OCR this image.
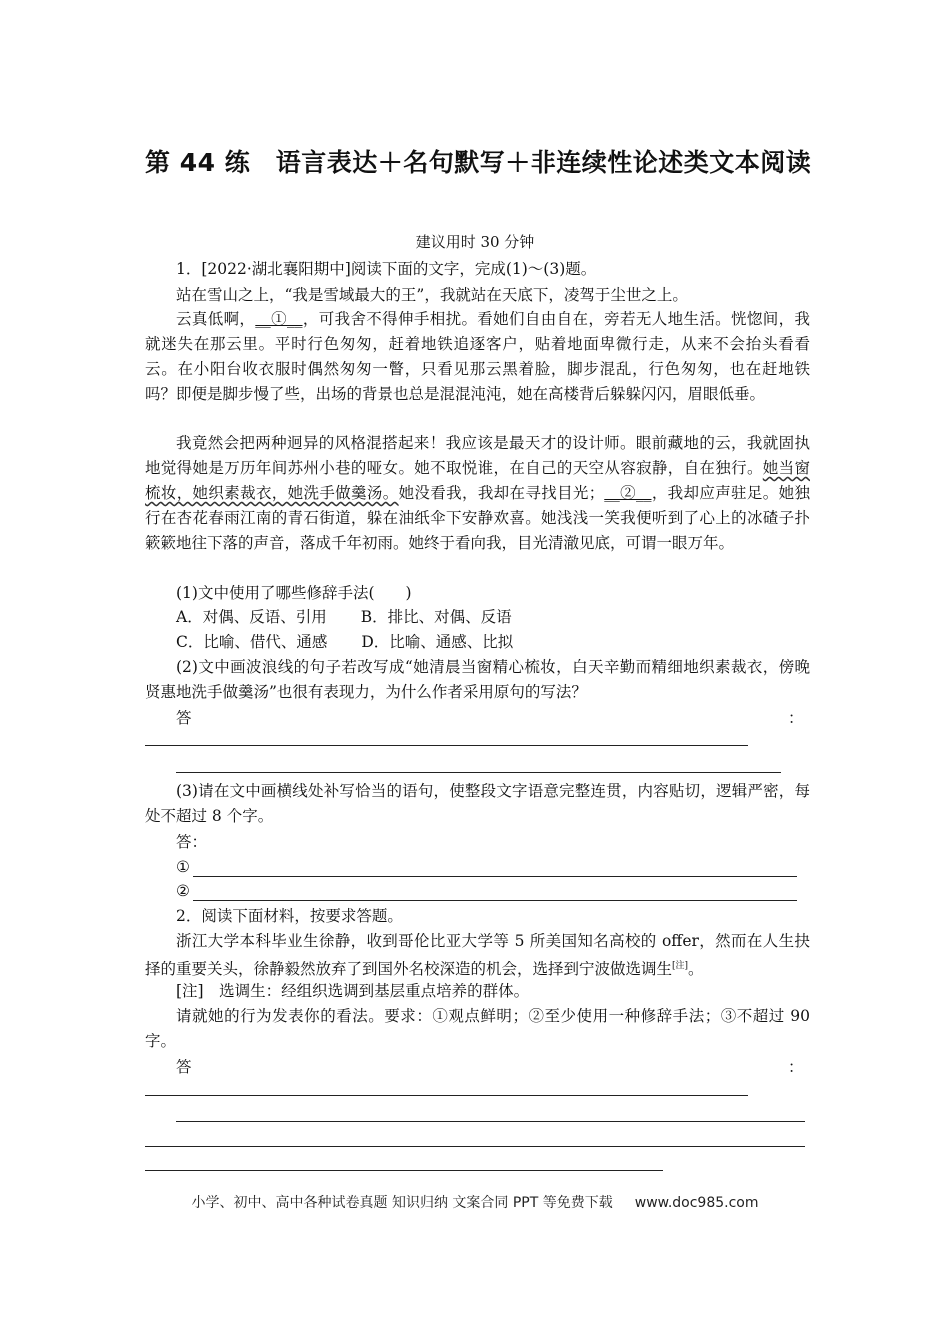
第 44 练　语言表达＋名句默写＋非连续性论述类文本阅读
建议用时 30 分钟
1．[2022·湖北襄阳期中]阅读下面的文字，完成(1)～(3)题。
站在雪山之上，“我是雪域最大的王”，我就站在天底下，凌驾于尘世之上。
云真低啊，__①__，可我舍不得伸手相扰。看她们自由自在，旁若无人地生活。恍惚间，我就迷失在那云里。平时行色匆匆，赶着地铁追逐客户，贴着地面卑微行走，从来不会抬头看看云。在小阳台收衣服时偶然匆匆一瞥，只看见那云黑着脸，脚步混乱，行色匆匆，也在赶地铁吗？即便是脚步慢了些，出场的背景也总是混混沌沌，她在高楼背后躲躲闪闪，眉眼低垂。
我竟然会把两种迥异的风格混搭起来！我应该是最天才的设计师。眼前藏地的云，我就固执地觉得她是万历年间苏州小巷的哑女。她不取悦谁，在自己的天空从容寂静，自在独行。她当窗梳妆，她织素裁衣，她洗手做羹汤。她没看我，我却在寻找目光；__②__，我却应声驻足。她独行在杏花春雨江南的青石街道，躲在油纸伞下安静欢喜。她浅浅一笑我便听到了心上的冰碴子扑簌簌地往下落的声音，落成千年初雨。她终于看向我，目光清澈见底，可谓一眼万年。
(1)文中使用了哪些修辞手法(　　)
A．对偶、反语、引用 B．排比、对偶、反语
C．比喻、借代、通感 D．比喻、通感、比拟
(2)文中画波浪线的句子若改写成“她清晨当窗精心梳妆，白天辛勤而精细地织素裁衣，傍晚贤惠地洗手做羹汤”也很有表现力，为什么作者采用原句的写法？
答	：
(3)请在文中画横线处补写恰当的语句，使整段文字语意完整连贯，内容贴切，逻辑严密，每处不超过 8 个字。
答：
①
②
2．阅读下面材料，按要求答题。
浙江大学本科毕业生徐静，收到哥伦比亚大学等 5 所美国知名高校的 offer，然而在人生抉择的重要关头，徐静毅然放弃了到国外名校深造的机会，选择到宁波做选调生[注]。
[注]　选调生：经组织选调到基层重点培养的群体。
请就她的行为发表你的看法。要求：①观点鲜明；②至少使用一种修辞手法；③不超过 90 字。
答	：
小学、初中、高中各种试卷真题 知识归纳 文案合同 PPT 等免费下载 www.doc985.com
